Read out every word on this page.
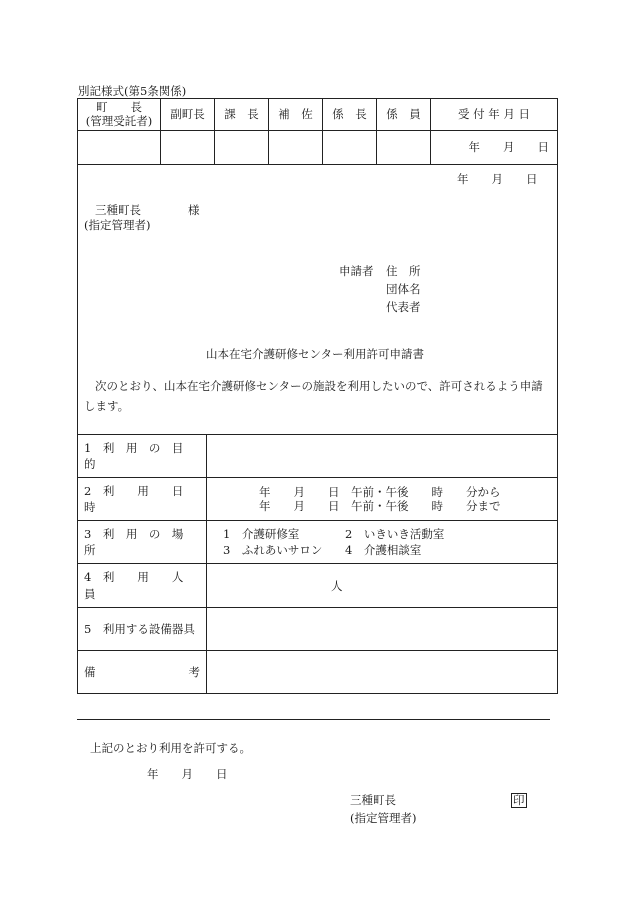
別記様式(第5条関係)
町　　長
(管理受託者)	副町長	課　長	補　佐	係　長	係　員	受 付 年 月 日
						年　　月　　日
年　　月　　日
三種町長	様
(指定管理者)
申請者 住　所
団体名
代表者
山本在宅介護研修センター利用許可申請書
次のとおり、山本在宅介護研修センターの施設を利用したいので、許可されるよう申請
します。
1　利　用　の　目　的	
2　利　　用　　日　　時	年　　月　　日　午前・午後　　時　　分から
年　　月　　日　午前・午後　　時　　分まで

3　利　用　の　場　所	1　介護研修室 2　いきいき活動室
3　ふれあいサロン 4　介護相談室

4　利　　用　　人　　員	人
5　利用する設備器具	

備 考	

上記のとおり利用を許可する。
年　　月　　日
三種町長	印
(指定管理者)
